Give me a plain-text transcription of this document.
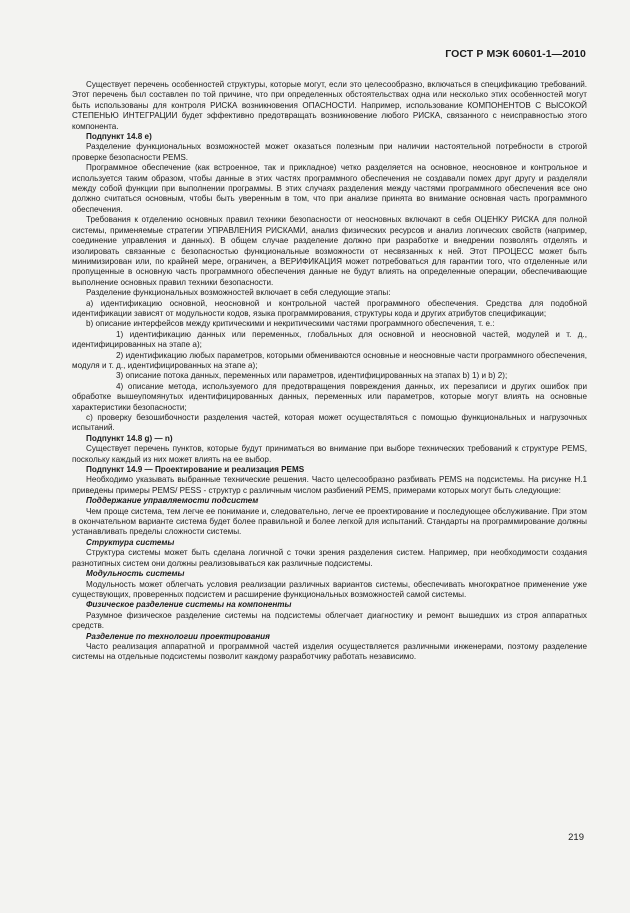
ГОСТ Р МЭК 60601-1—2010

Существует перечень особенностей структуры, которые могут, если это целесообразно, включаться в спецификацию требований. Этот перечень был составлен по той причине, что при определенных обстоятельствах одна или несколько этих особенностей могут быть использованы для контроля РИСКА возникновения ОПАСНОСТИ. Например, использование КОМПОНЕНТОВ С ВЫСОКОЙ СТЕПЕНЬЮ ИНТЕГРАЦИИ будет эффективно предотвращать возникновение любого РИСКА, связанного с неисправностью этого компонента.

Подпункт 14.8 е)

Разделение функциональных возможностей может оказаться полезным при наличии настоятельной потребности в строгой проверке безопасности PEMS.

Программное обеспечение (как встроенное, так и прикладное) четко разделяется на основное, неосновное и контрольное и используется таким образом, чтобы данные в этих частях программного обеспечения не создавали помех друг другу и разделяли между собой функции при выполнении программы. В этих случаях разделения между частями программного обеспечения все оно должно считаться основным, чтобы быть уверенным в том, что при анализе принята во внимание основная часть программного обеспечения.

Требования к отделению основных правил техники безопасности от неосновных включают в себя ОЦЕНКУ РИСКА для полной системы, применяемые стратегии УПРАВЛЕНИЯ РИСКАМИ, анализ физических ресурсов и анализ логических свойств (например, соединение управления и данных). В общем случае разделение должно при разработке и внедрении позволять отделять и изолировать связанные с безопасностью функциональные возможности от несвязанных к ней. Этот ПРОЦЕСС может быть минимизирован или, по крайней мере, ограничен, а ВЕРИФИКАЦИЯ может потребоваться для гарантии того, что отделенные или пропущенные в основную часть программного обеспечения данные не будут влиять на определенные операции, обеспечивающие выполнение основных правил техники безопасности.

Разделение функциональных возможностей включает в себя следующие этапы:

а) идентификацию основной, неосновной и контрольной частей программного обеспечения. Средства для подобной идентификации зависят от модульности кодов, языка программирования, структуры кода и других атрибутов спецификации;

b) описание интерфейсов между критическими и некритическими частями программного обеспечения, т. е.:

1) идентификацию данных или переменных, глобальных для основной и неосновной частей, модулей и т. д., идентифицированных на этапе а);

2) идентификацию любых параметров, которыми обмениваются основные и неосновные части программного обеспечения, модуля и т. д., идентифицированных на этапе а);

3) описание потока данных, переменных или параметров, идентифицированных на этапах b) 1) и b) 2);

4) описание метода, используемого для предотвращения повреждения данных, их перезаписи и других ошибок при обработке вышеупомянутых идентифицированных данных, переменных или параметров, которые могут влиять на основные характеристики безопасности;

с) проверку безошибочности разделения частей, которая может осуществляться с помощью функциональных и нагрузочных испытаний.

Подпункт 14.8 g) — n)

Существует перечень пунктов, которые будут приниматься во внимание при выборе технических требований к структуре PEMS, поскольку каждый из них может влиять на ее выбор.

Подпункт 14.9 — Проектирование и реализация PEMS

Необходимо указывать выбранные технические решения. Часто целесообразно разбивать PEMS на подсистемы. На рисунке Н.1 приведены примеры PEMS/ PESS - структур с различным числом разбиений PEMS, примерами которых могут быть следующие:

Поддержание управляемости подсистем

Чем проще система, тем легче ее понимание и, следовательно, легче ее проектирование и последующее обслуживание. При этом в окончательном варианте система будет более правильной и более легкой для испытаний. Стандарты на программирование должны устанавливать пределы сложности системы.

Структура системы

Структура системы может быть сделана логичной с точки зрения разделения систем. Например, при необходимости создания разнотипных систем они должны реализовываться как различные подсистемы.

Модульность системы

Модульность может облегчать условия реализации различных вариантов системы, обеспечивать многократное применение уже существующих, проверенных подсистем и расширение функциональных возможностей самой системы.

Физическое разделение системы на компоненты

Разумное физическое разделение системы на подсистемы облегчает диагностику и ремонт вышедших из строя аппаратных средств.

Разделение по технологии проектирования

Часто реализация аппаратной и программной частей изделия осуществляется различными инженерами, поэтому разделение системы на отдельные подсистемы позволит каждому разработчику работать независимо.

219
